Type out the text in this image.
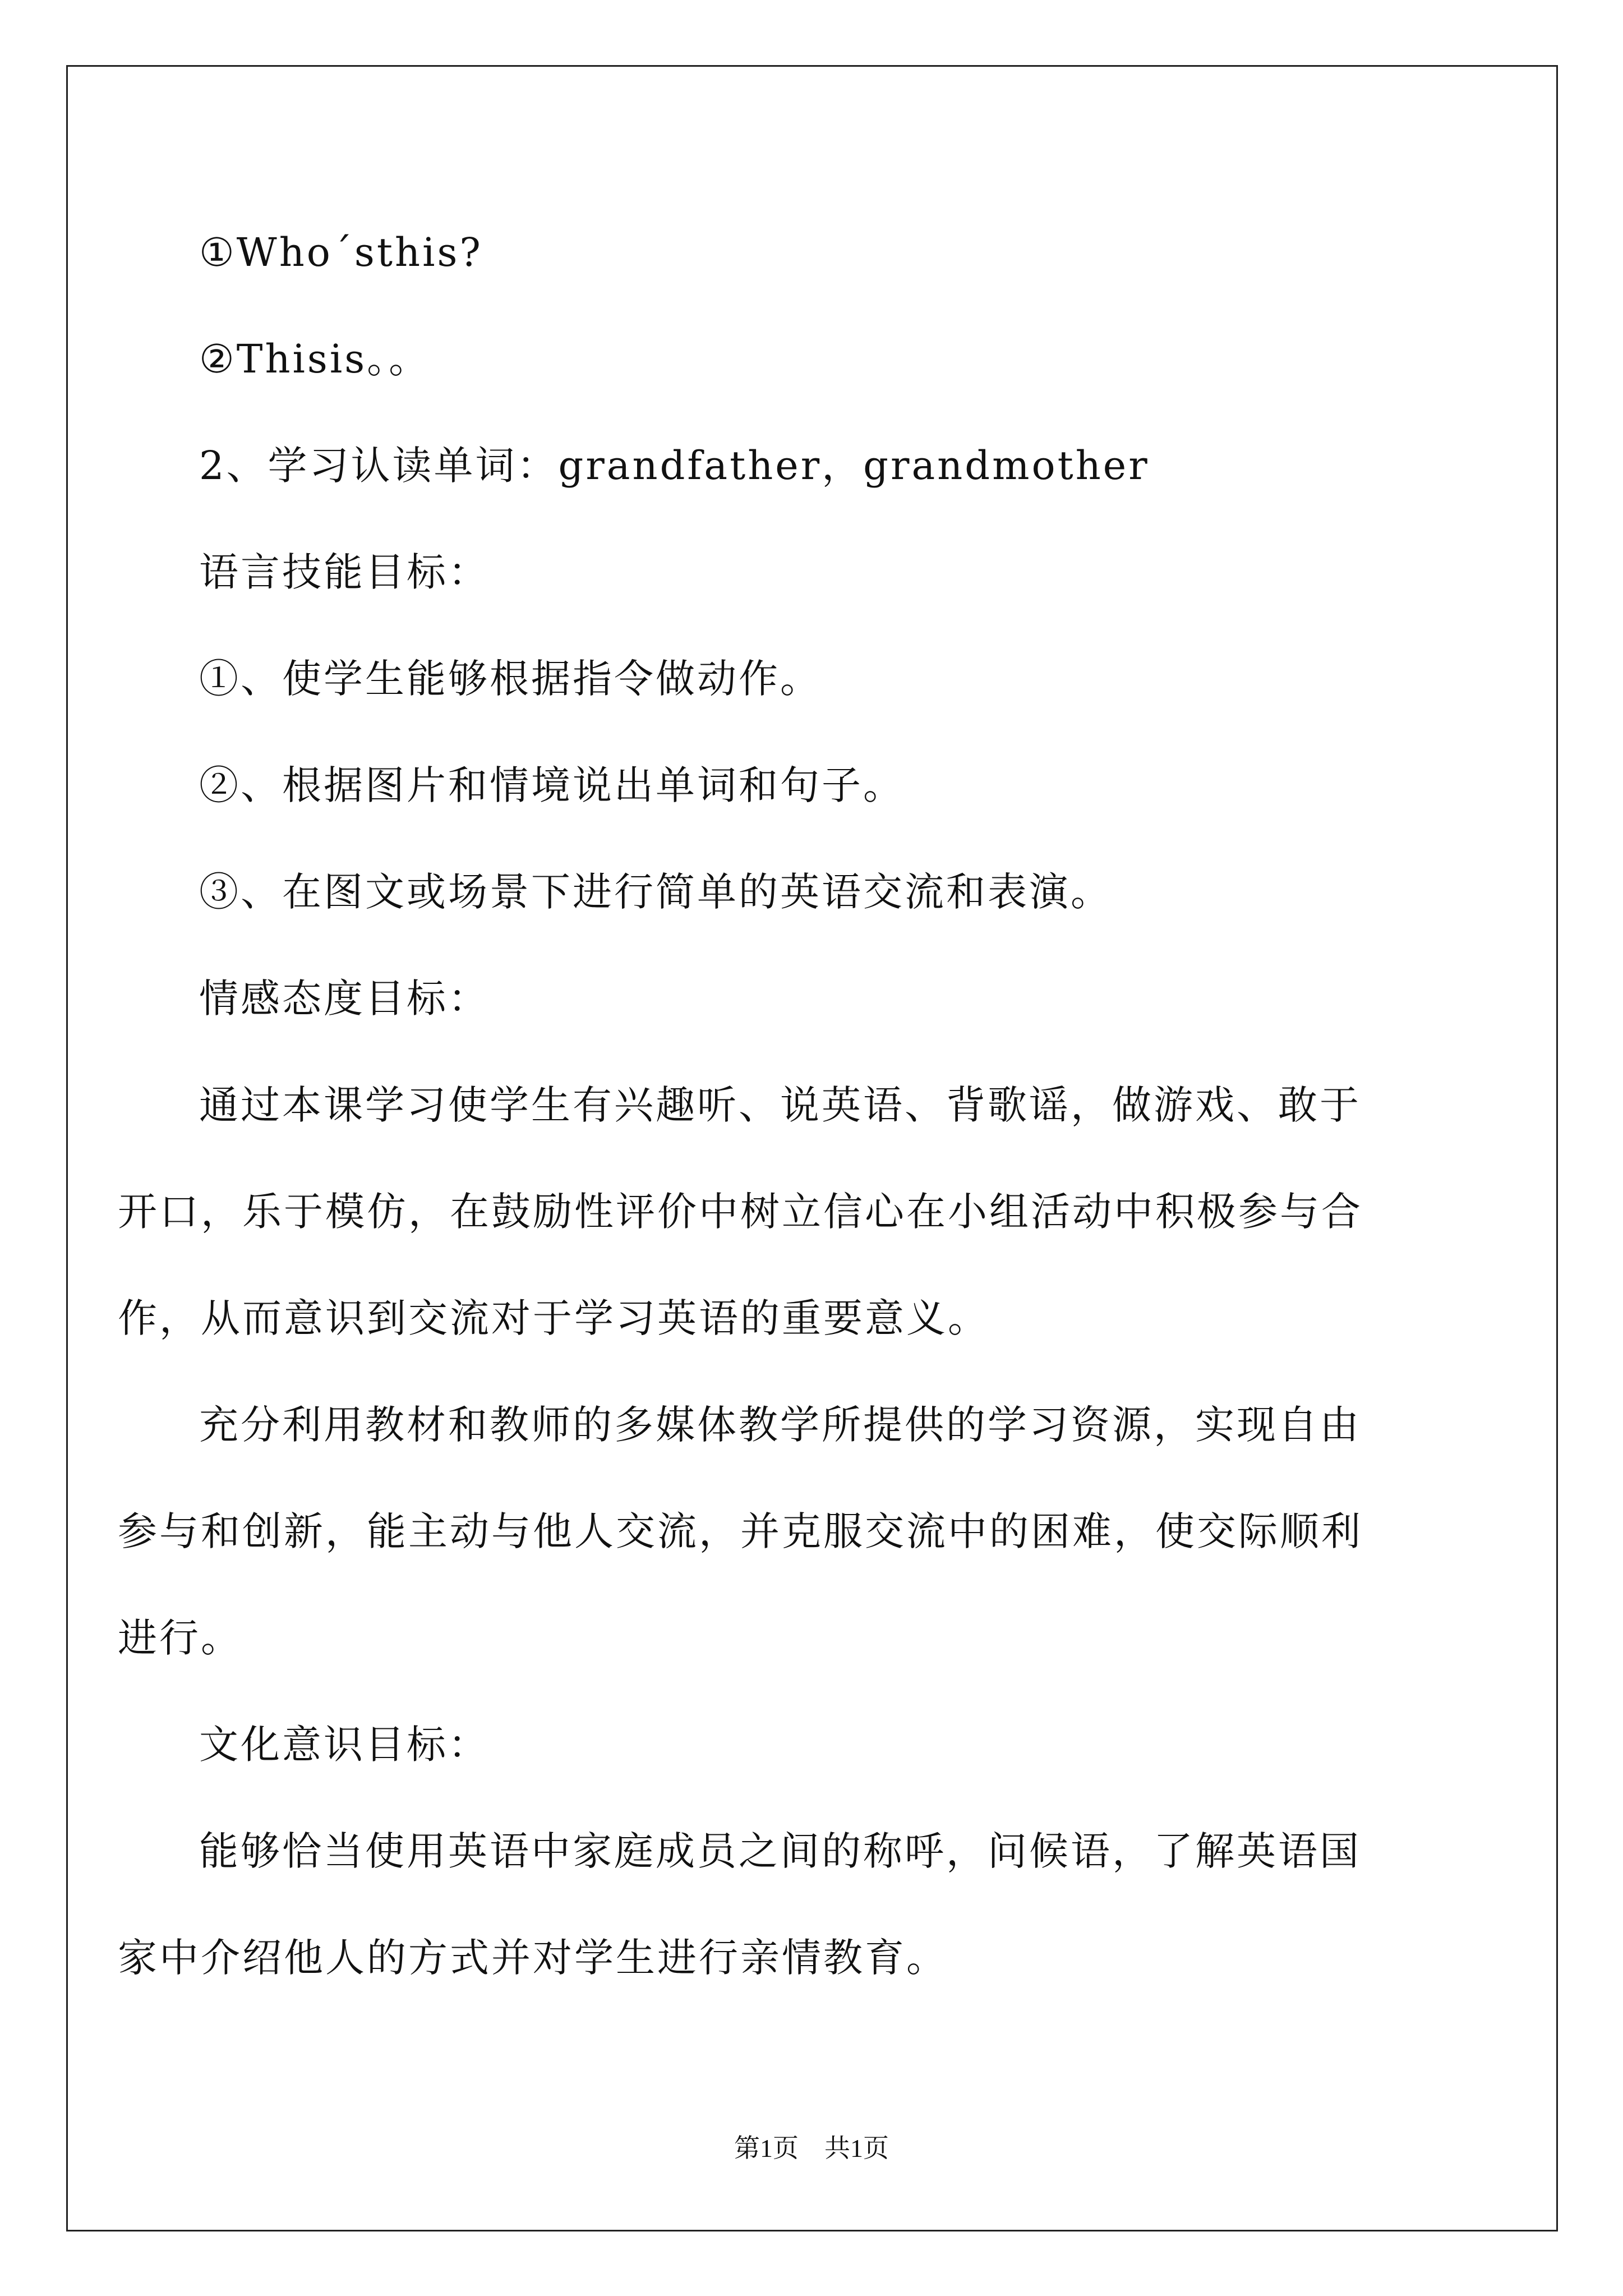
①Who´sthis?
②Thisis。。
2、学习认读单词：grandfather，grandmother
语言技能目标：
①、使学生能够根据指令做动作。
②、根据图片和情境说出单词和句子。
③、在图文或场景下进行简单的英语交流和表演。
情感态度目标：
通过本课学习使学生有兴趣听、说英语、背歌谣，做游戏、敢于
开口，乐于模仿，在鼓励性评价中树立信心在小组活动中积极参与合
作，从而意识到交流对于学习英语的重要意义。
充分利用教材和教师的多媒体教学所提供的学习资源，实现自由
参与和创新，能主动与他人交流，并克服交流中的困难，使交际顺利
进行。
文化意识目标：
能够恰当使用英语中家庭成员之间的称呼，问候语，了解英语国
家中介绍他人的方式并对学生进行亲情教育。
第1页 共1页
